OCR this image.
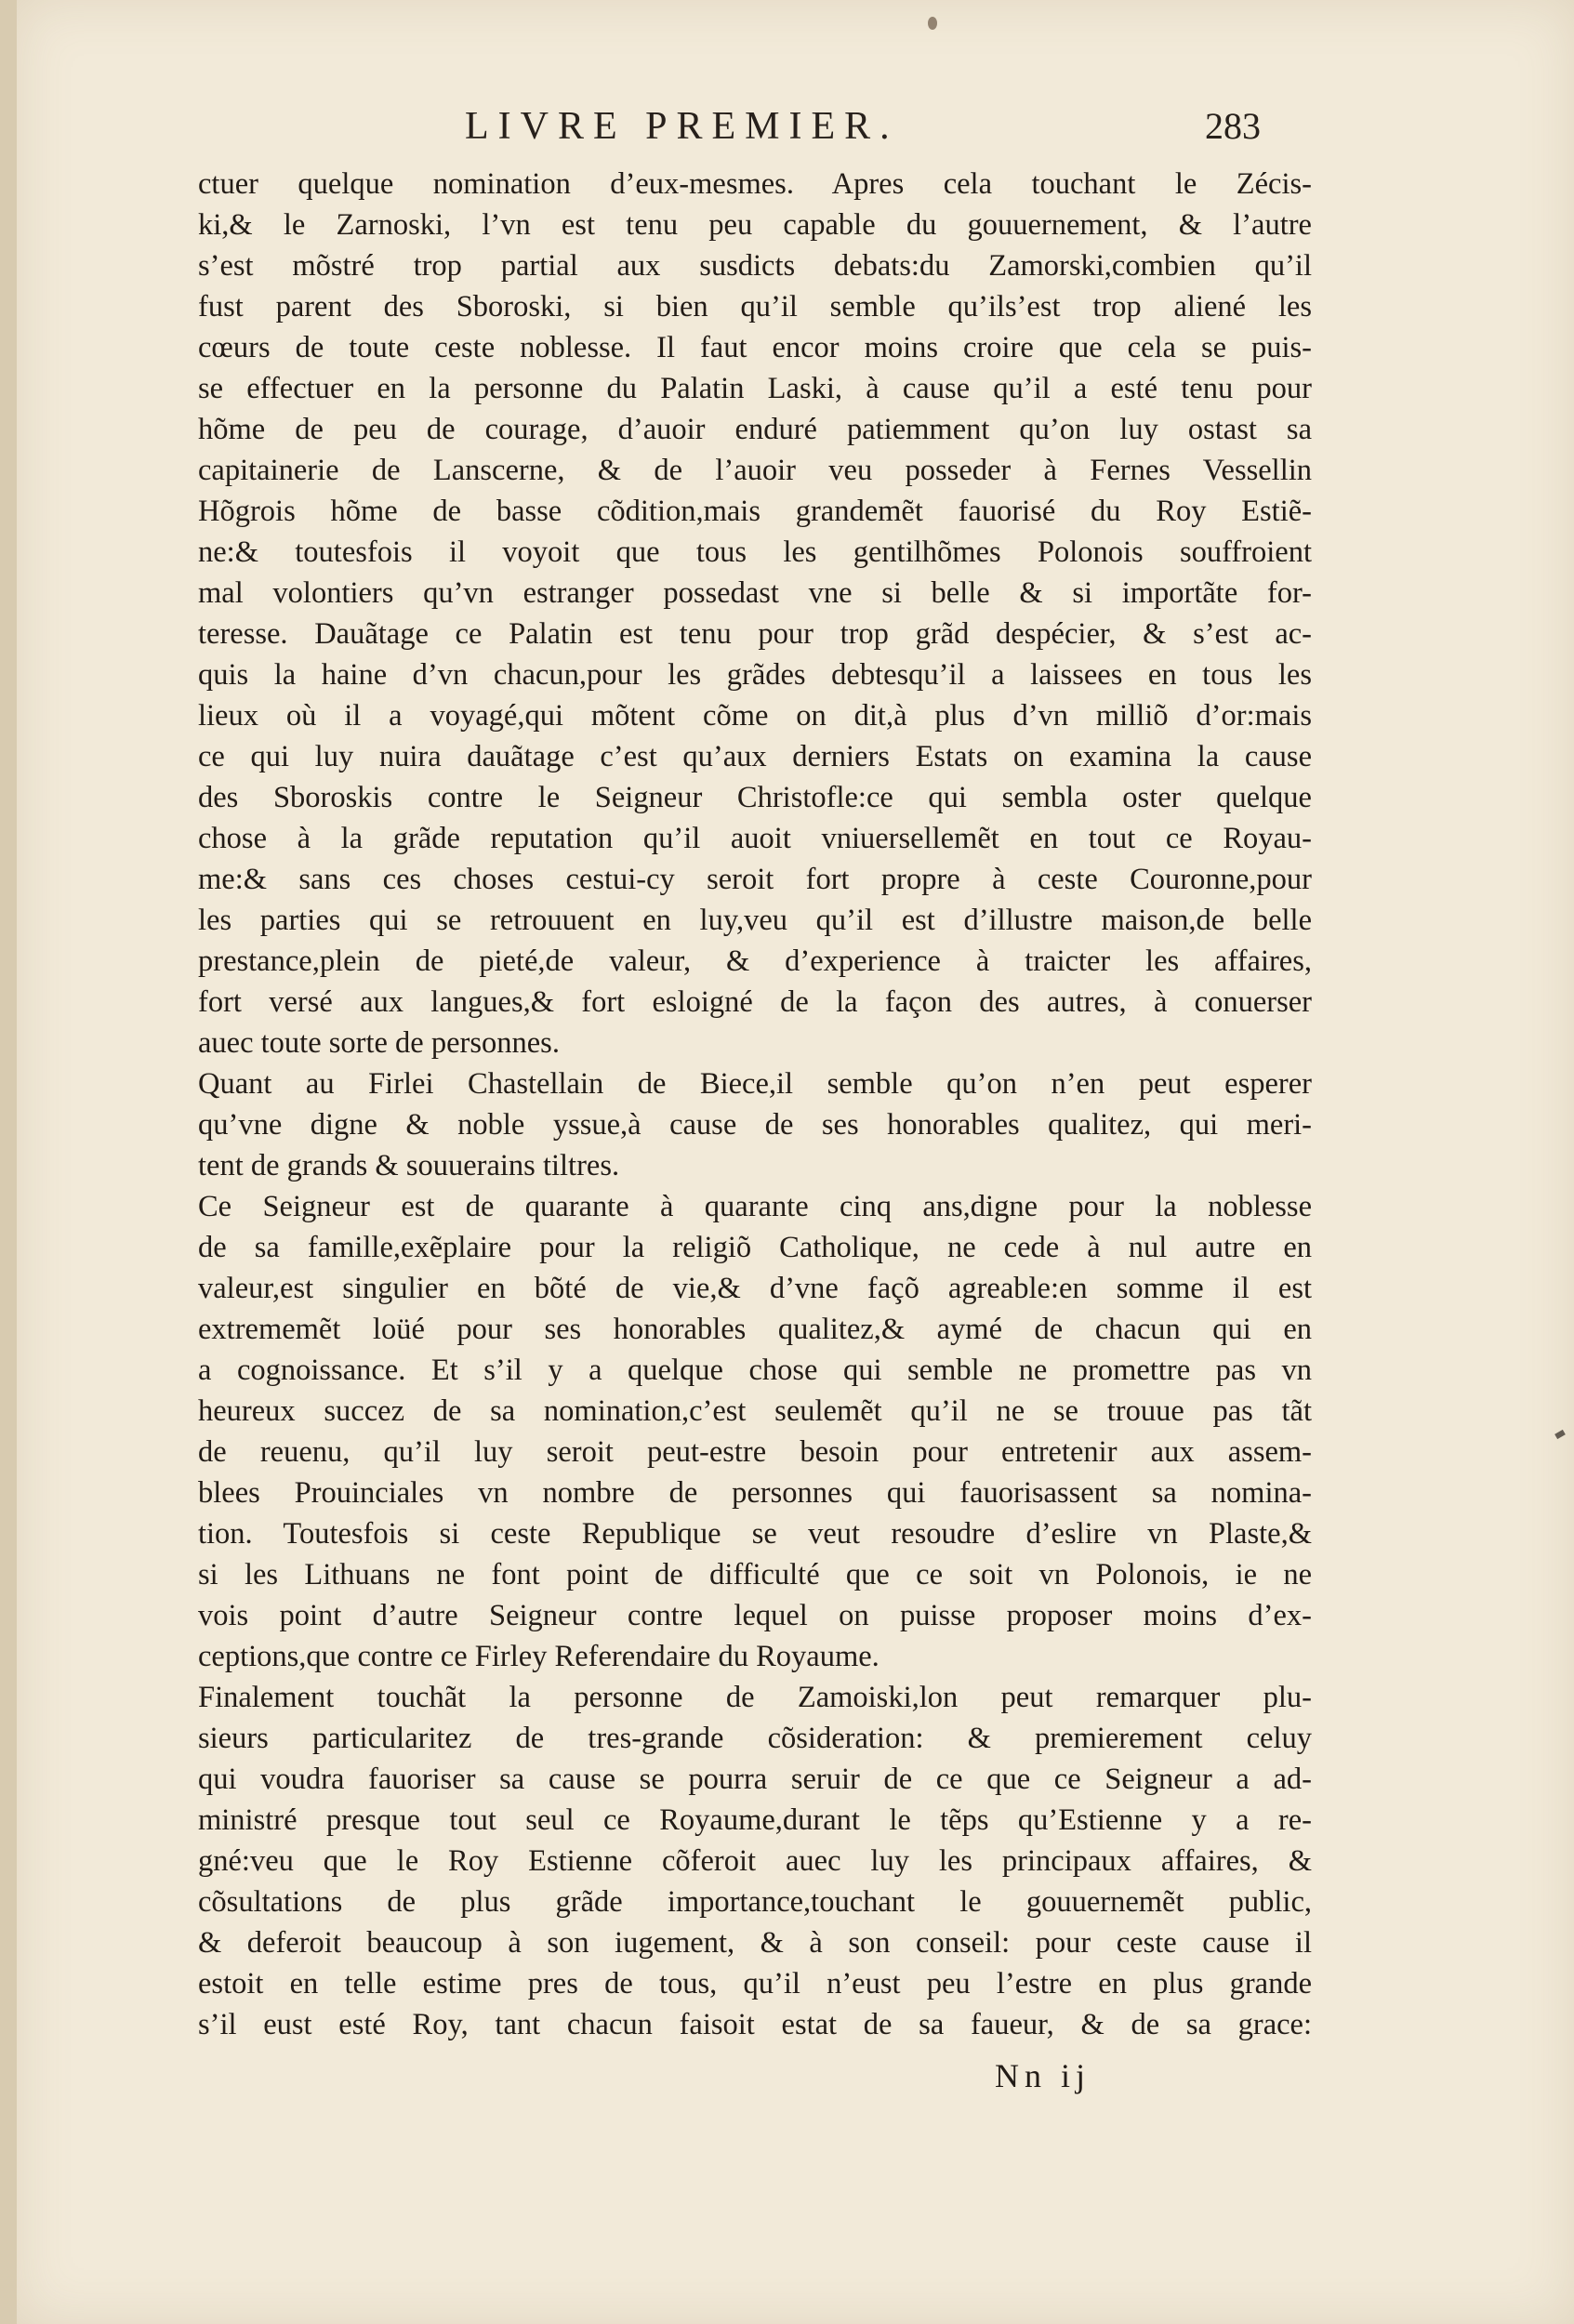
LIVRE PREMIER.	283
ctuer quelque nomination d’eux-mesmes. Apres cela touchant le Zécis-
ki,& le Zarnoski, l’vn est tenu peu capable du gouuernement, & l’autre
s’est mõstré trop partial aux susdicts debats:du Zamorski,combien qu’il
fust parent des Sboroski, si bien qu’il semble qu’ils’est trop aliené les
cœurs de toute ceste noblesse. Il faut encor moins croire que cela se puis-
se effectuer en la personne du Palatin Laski, à cause qu’il a esté tenu pour
hõme de peu de courage, d’auoir enduré patiemment qu’on luy ostast sa
capitainerie de Lanscerne, & de l’auoir veu posseder à Fernes Vessellin
Hõgrois hõme de basse cõdition,mais grandemẽt fauorisé du Roy Estiẽ-
ne:& toutesfois il voyoit que tous les gentilhõmes Polonois souffroient
mal volontiers qu’vn estranger possedast vne si belle & si importãte for-
teresse. Dauãtage ce Palatin est tenu pour trop grãd despécier, & s’est ac-
quis la haine d’vn chacun,pour les grãdes debtesqu’il a laissees en tous les
lieux où il a voyagé,qui mõtent cõme on dit,à plus d’vn milliõ d’or:mais
ce qui luy nuira dauãtage c’est qu’aux derniers Estats on examina la cause
des Sboroskis contre le Seigneur Christofle:ce qui sembla oster quelque
chose à la grãde reputation qu’il auoit vniuersellemẽt en tout ce Royau-
me:& sans ces choses cestui-cy seroit fort propre à ceste Couronne,pour
les parties qui se retrouuent en luy,veu qu’il est d’illustre maison,de belle
prestance,plein de pieté,de valeur, & d’experience à traicter les affaires,
fort versé aux langues,& fort esloigné de la façon des autres, à conuerser
auec toute sorte de personnes.
Quant au Firlei Chastellain de Biece,il semble qu’on n’en peut esperer
qu’vne digne & noble yssue,à cause de ses honorables qualitez, qui meri-
tent de grands & souuerains tiltres.
Ce Seigneur est de quarante à quarante cinq ans,digne pour la noblesse
de sa famille,exẽplaire pour la religiõ Catholique, ne cede à nul autre en
valeur,est singulier en bõté de vie,& d’vne façõ agreable:en somme il est
extrememẽt loüé pour ses honorables qualitez,& aymé de chacun qui en
a cognoissance. Et s’il y a quelque chose qui semble ne promettre pas vn
heureux succez de sa nomination,c’est seulemẽt qu’il ne se trouue pas tãt
de reuenu, qu’il luy seroit peut-estre besoin pour entretenir aux assem-
blees Prouinciales vn nombre de personnes qui fauorisassent sa nomina-
tion. Toutesfois si ceste Republique se veut resoudre d’eslire vn Plaste,&
si les Lithuans ne font point de difficulté que ce soit vn Polonois, ie ne
vois point d’autre Seigneur contre lequel on puisse proposer moins d’ex-
ceptions,que contre ce Firley Referendaire du Royaume.
Finalement touchãt la personne de Zamoiski,lon peut remarquer plu-
sieurs particularitez de tres-grande cõsideration: & premierement celuy
qui voudra fauoriser sa cause se pourra seruir de ce que ce Seigneur a ad-
ministré presque tout seul ce Royaume,durant le tẽps qu’Estienne y a re-
gné:veu que le Roy Estienne cõferoit auec luy les principaux affaires, &
cõsultations de plus grãde importance,touchant le gouuernemẽt public,
& deferoit beaucoup à son iugement, & à son conseil: pour ceste cause il
estoit en telle estime pres de tous, qu’il n’eust peu l’estre en plus grande
s’il eust esté Roy, tant chacun faisoit estat de sa faueur, & de sa grace:
Nn ij
